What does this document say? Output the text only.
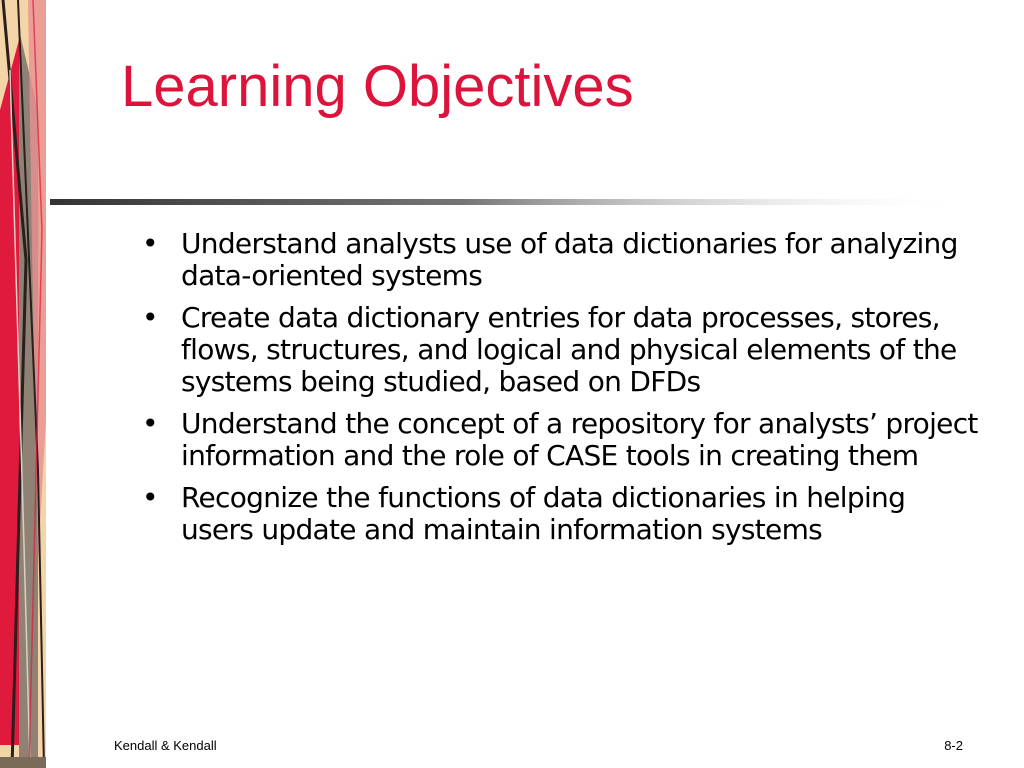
Learning Objectives
• Understand analysts use of data dictionaries for analyzing data-oriented systems
• Create data dictionary entries for data processes, stores, flows, structures, and logical and physical elements of the systems being studied, based on DFDs
• Understand the concept of a repository for analysts’ project information and the role of CASE tools in creating them
• Recognize the functions of data dictionaries in helping users update and maintain information systems
Kendall & Kendall	8-2
